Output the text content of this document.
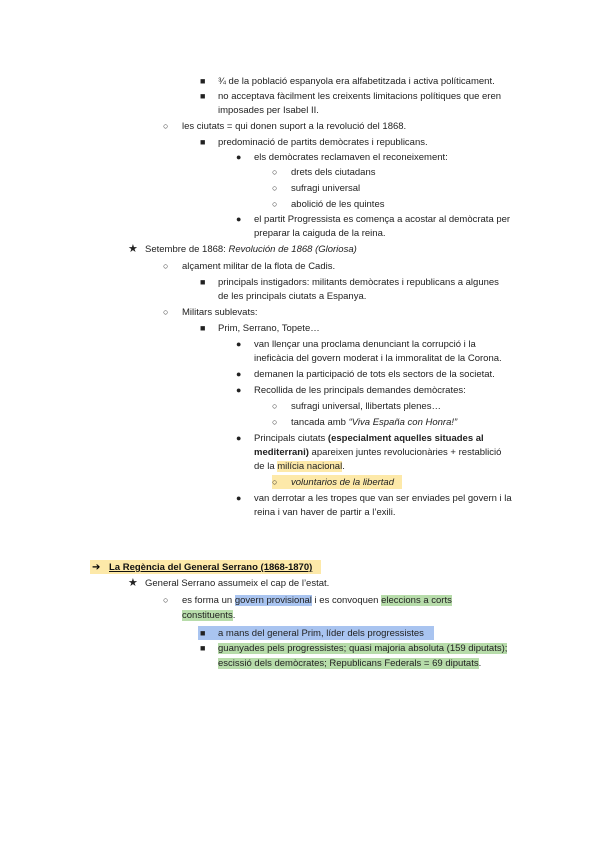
■ ¾ de la població espanyola era alfabetitzada i activa políticament.
■ no acceptava fàcilment les creixents limitacions polítiques que eren
imposades per Isabel II.
○ les ciutats = qui donen suport a la revolució del 1868.
■ predominació de partits demòcrates i republicans.
● els demòcrates reclamaven el reconeixement:
○ drets dels ciutadans
○ sufragi universal
○ abolició de les quintes
● el partit Progressista es comença a acostar al demòcrata per
preparar la caiguda de la reina.
★ Setembre de 1868: Revolución de 1868 (Gloriosa)
○ alçament militar de la flota de Cadis.
■ principals instigadors: militants demòcrates i republicans a algunes
de les principals ciutats a Espanya.
○ Militars sublevats:
■ Prim, Serrano, Topete…
● van llençar una proclama denunciant la corrupció i la
ineficàcia del govern moderat i la immoralitat de la Corona.
● demanen la participació de tots els sectors de la societat.
● Recollida de les principals demandes demòcrates:
○ sufragi universal, llibertats plenes…
○ tancada amb “Viva España con Honra!”
● Principals ciutats (especialment aquelles situades al
mediterrani) apareixen juntes revolucionàries + restablició
de la milícia nacional.
○ voluntarios de la libertad
● van derrotar a les tropes que van ser enviades pel govern i la
reina i van haver de partir a l’exili.
➔ La Regència del General Serrano (1868-1870)
★ General Serrano assumeix el cap de l’estat.
○ es forma un govern provisional i es convoquen eleccions a corts
constituents.
■ a mans del general Prim, líder dels progressistes
■ guanyades pels progressistes; quasi majoria absoluta (159 diputats);
escissió dels demòcrates; Republicans Federals = 69 diputats.
